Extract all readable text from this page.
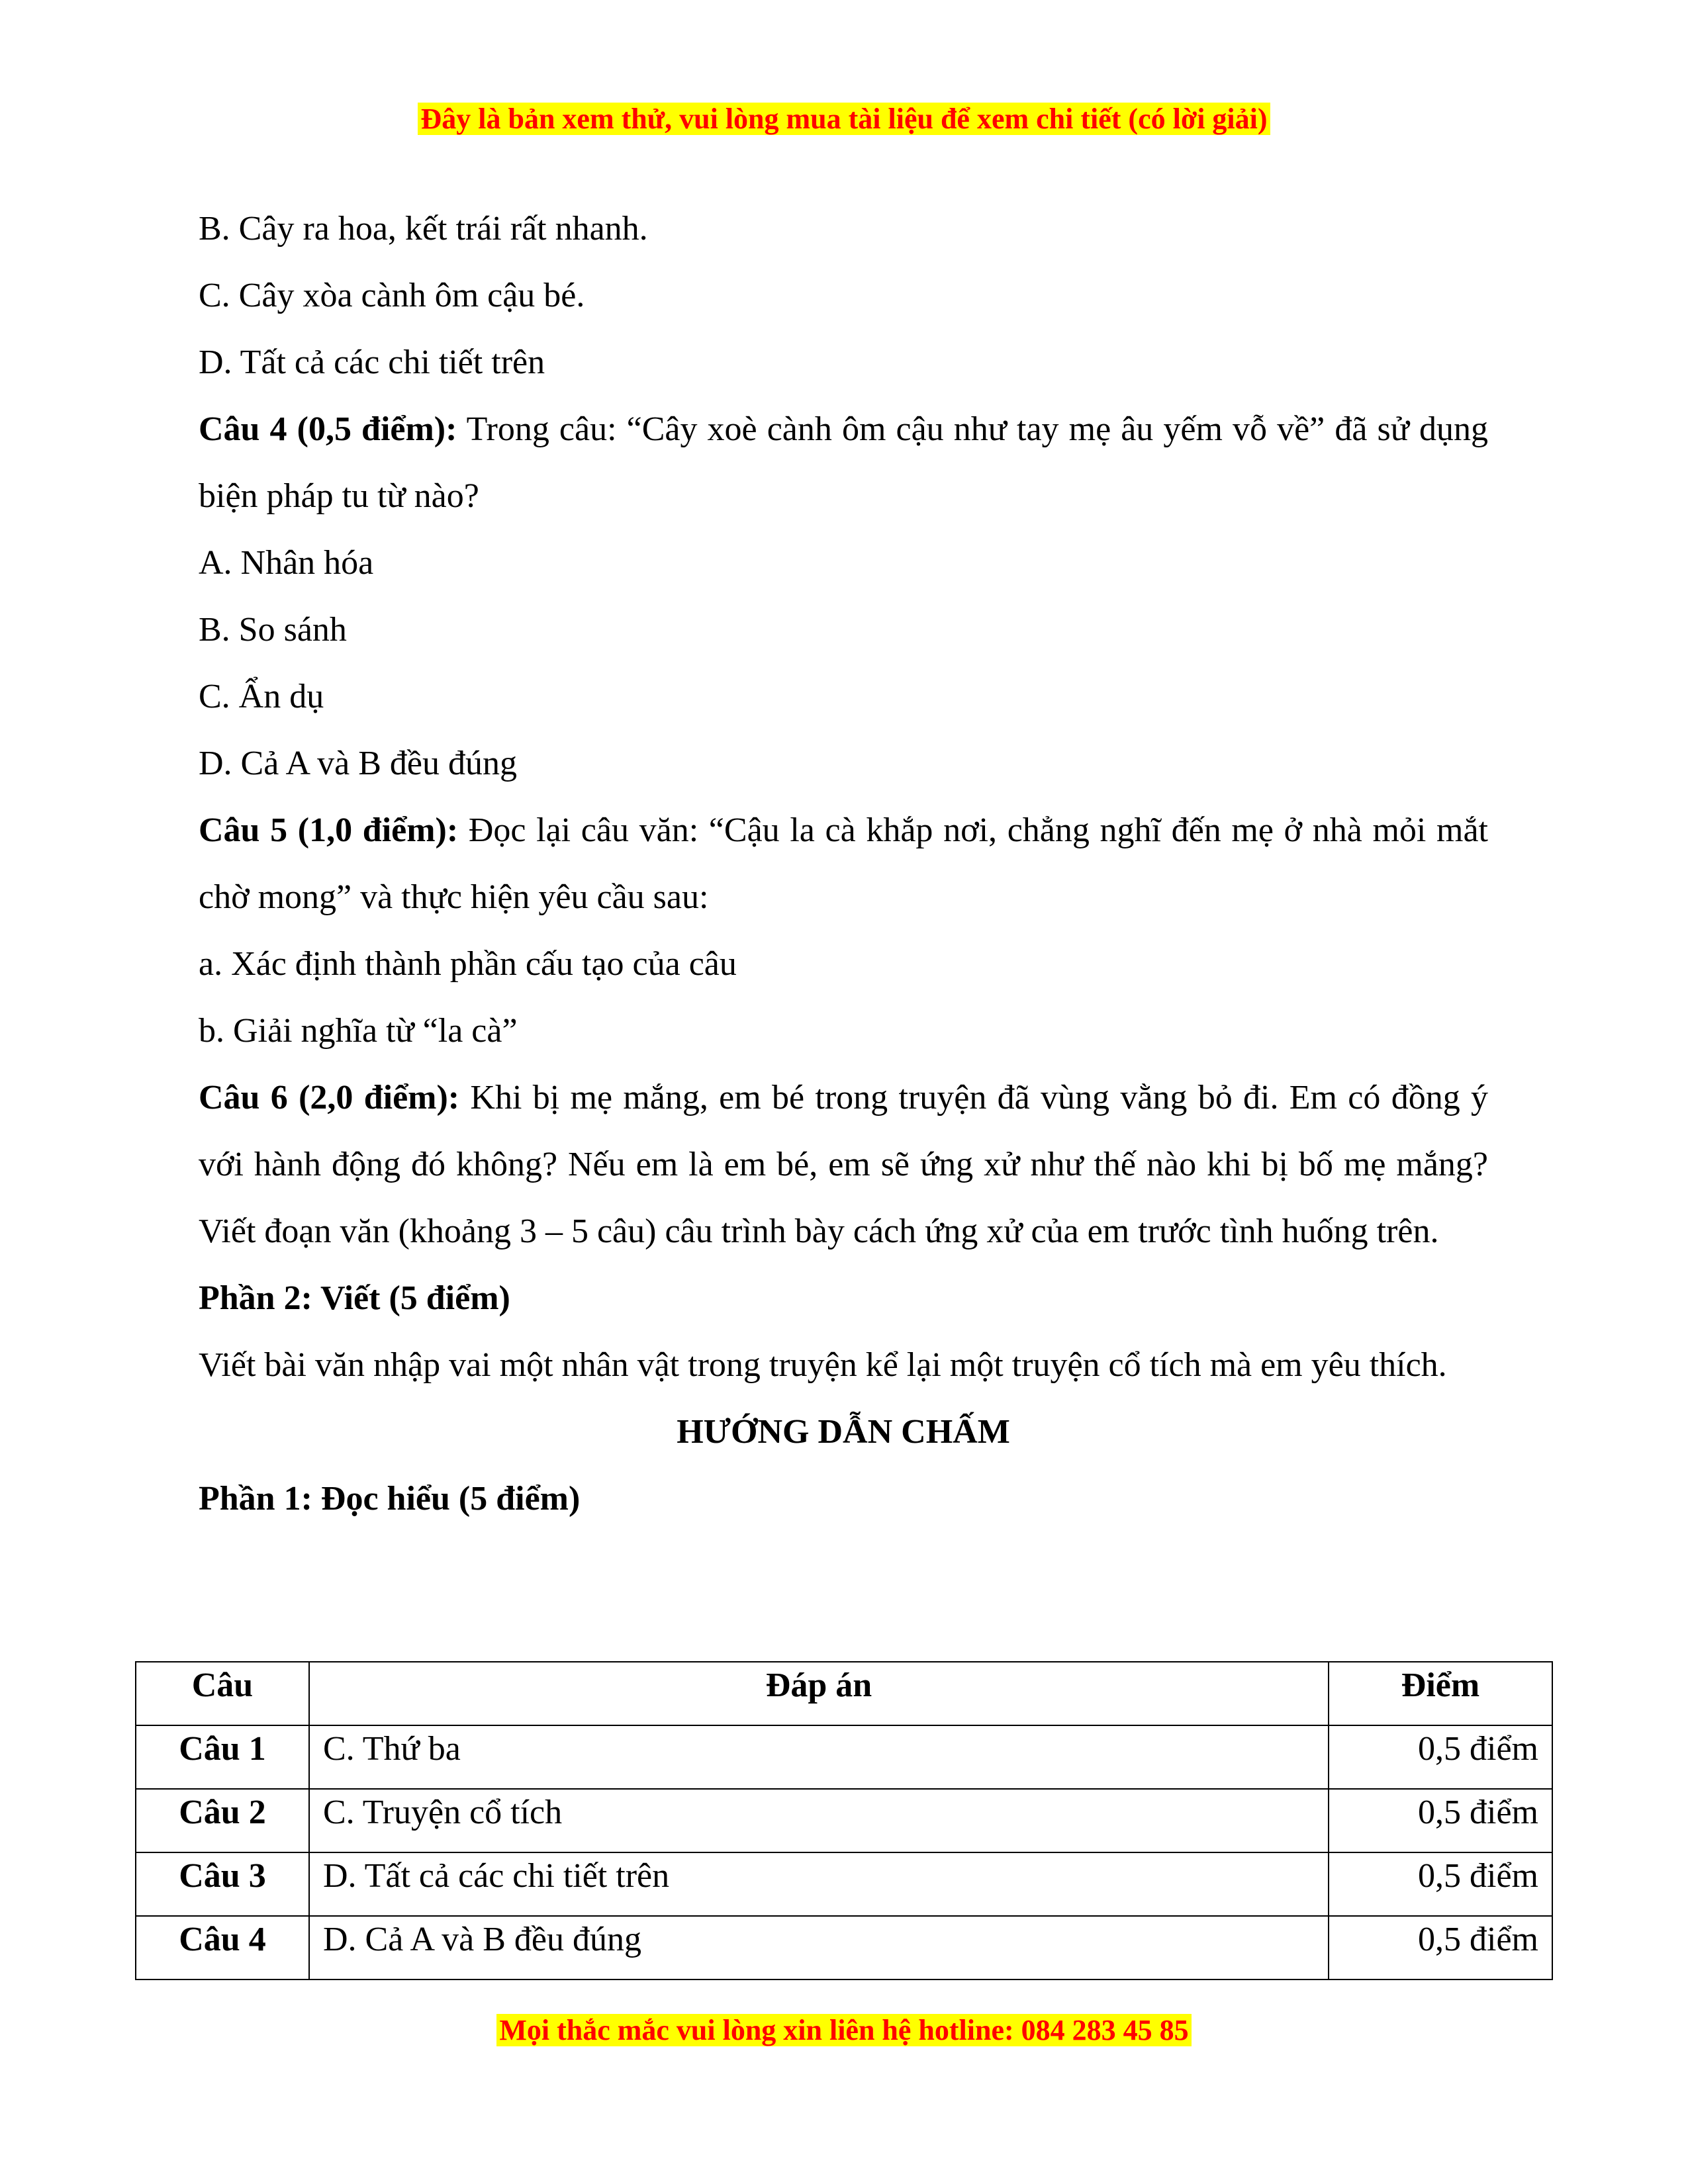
Đây là bản xem thử, vui lòng mua tài liệu để xem chi tiết (có lời giải)

B. Cây ra hoa, kết trái rất nhanh.

C. Cây xòa cành ôm cậu bé.

D. Tất cả các chi tiết trên

Câu 4 (0,5 điểm): Trong câu: “Cây xoè cành ôm cậu như tay mẹ âu yếm vỗ về” đã sử dụng biện pháp tu từ nào?

A. Nhân hóa

B. So sánh

C. Ẩn dụ

D. Cả A và B đều đúng

Câu 5 (1,0 điểm): Đọc lại câu văn: “Cậu la cà khắp nơi, chẳng nghĩ đến mẹ ở nhà mỏi mắt chờ mong” và thực hiện yêu cầu sau:

a. Xác định thành phần cấu tạo của câu

b. Giải nghĩa từ “la cà”

Câu 6 (2,0 điểm): Khi bị mẹ mắng, em bé trong truyện đã vùng vằng bỏ đi. Em có đồng ý với hành động đó không? Nếu em là em bé, em sẽ ứng xử như thế nào khi bị bố mẹ mắng? Viết đoạn văn (khoảng 3 – 5 câu) câu trình bày cách ứng xử của em trước tình huống trên.

Phần 2: Viết (5 điểm)

Viết bài văn nhập vai một nhân vật trong truyện kể lại một truyện cổ tích mà em yêu thích.

HƯỚNG DẪN CHẤM

Phần 1: Đọc hiểu (5 điểm)

Câu	Đáp án	Điểm
Câu 1	C. Thứ ba	0,5 điểm
Câu 2	C. Truyện cổ tích	0,5 điểm
Câu 3	D. Tất cả các chi tiết trên	0,5 điểm
Câu 4	D. Cả A và B đều đúng	0,5 điểm
Mọi thắc mắc vui lòng xin liên hệ hotline: 084 283 45 85
